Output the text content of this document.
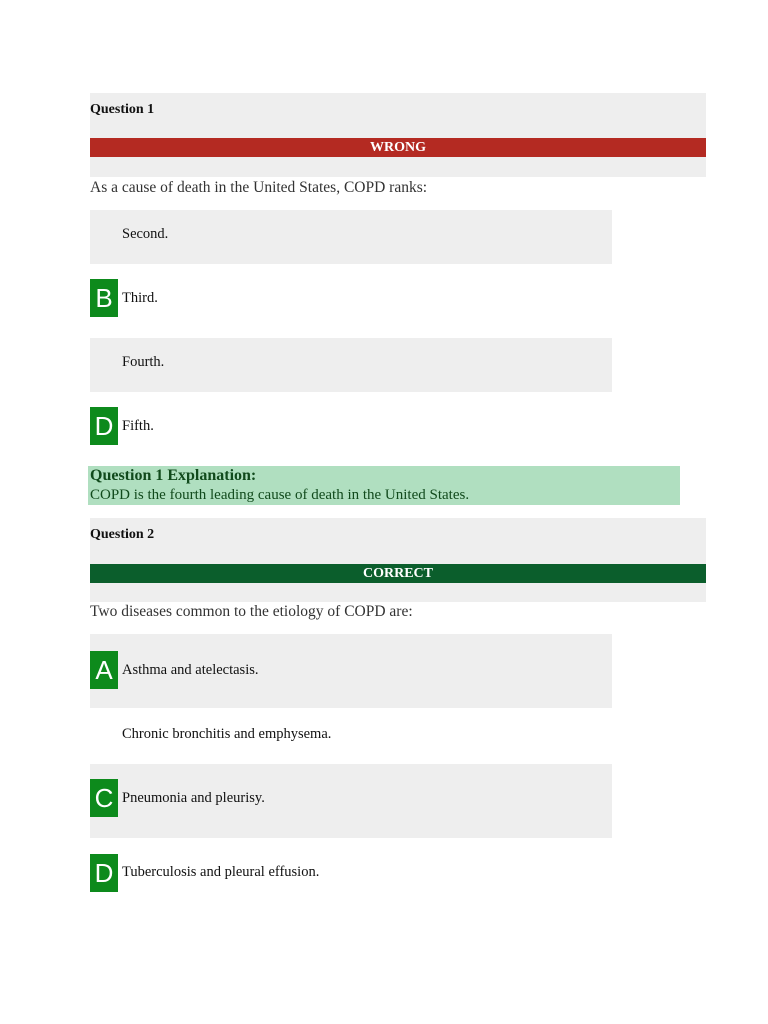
Question 1
WRONG
As a cause of death in the United States, COPD ranks:
Second.
B Third.
Fourth.
D Fifth.
Question 1 Explanation:
COPD is the fourth leading cause of death in the United States.
Question 2
CORRECT
Two diseases common to the etiology of COPD are:
A Asthma and atelectasis.
Chronic bronchitis and emphysema.
C Pneumonia and pleurisy.
D Tuberculosis and pleural effusion.
